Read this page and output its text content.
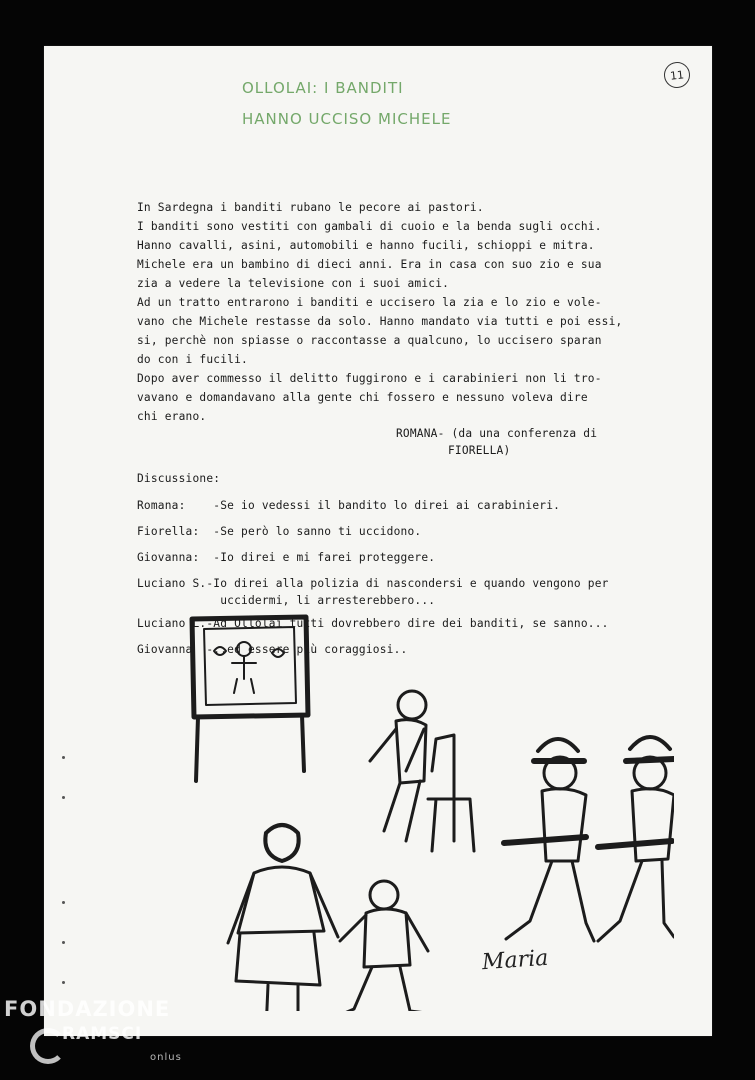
11
OLLOLAI: I BANDITI
HANNO UCCISO MICHELE
In Sardegna i banditi rubano le pecore ai pastori.
I banditi sono vestiti con gambali di cuoio e la benda sugli occhi.
Hanno cavalli, asini, automobili e hanno fucili, schioppi e mitra.
Michele era un bambino di dieci anni. Era in casa con suo zio e sua
zia a vedere la televisione con i suoi amici.
Ad un tratto entrarono i banditi e uccisero la zia e lo zio e vole-
vano che Michele restasse da solo. Hanno mandato via tutti e poi essi,
si, perchè non spiasse o raccontasse a qualcuno, lo uccisero sparan
do con i fucili.
Dopo aver commesso il delitto fuggirono e i carabinieri non li tro-
vavano e domandavano alla gente chi fossero e nessuno voleva dire
chi erano.
ROMANA- (da una conferenza di
FIORELLA)
Discussione:
Romana:    -Se io vedessi il bandito lo direi ai carabinieri.
Fiorella:  -Se però lo sanno ti uccidono.
Giovanna:  -Io direi e mi farei proteggere.
Luciano S.-Io direi alla polizia di nascondersi e quando vengono per
uccidermi, li arresterebbero...
Luciano L.-Ad Ollolai tutti dovrebbero dire dei banditi, se sanno...
Giovanna  -..ed essere più coraggiosi..
Maria
FONDAZIONE
RAMSCI
onlus
